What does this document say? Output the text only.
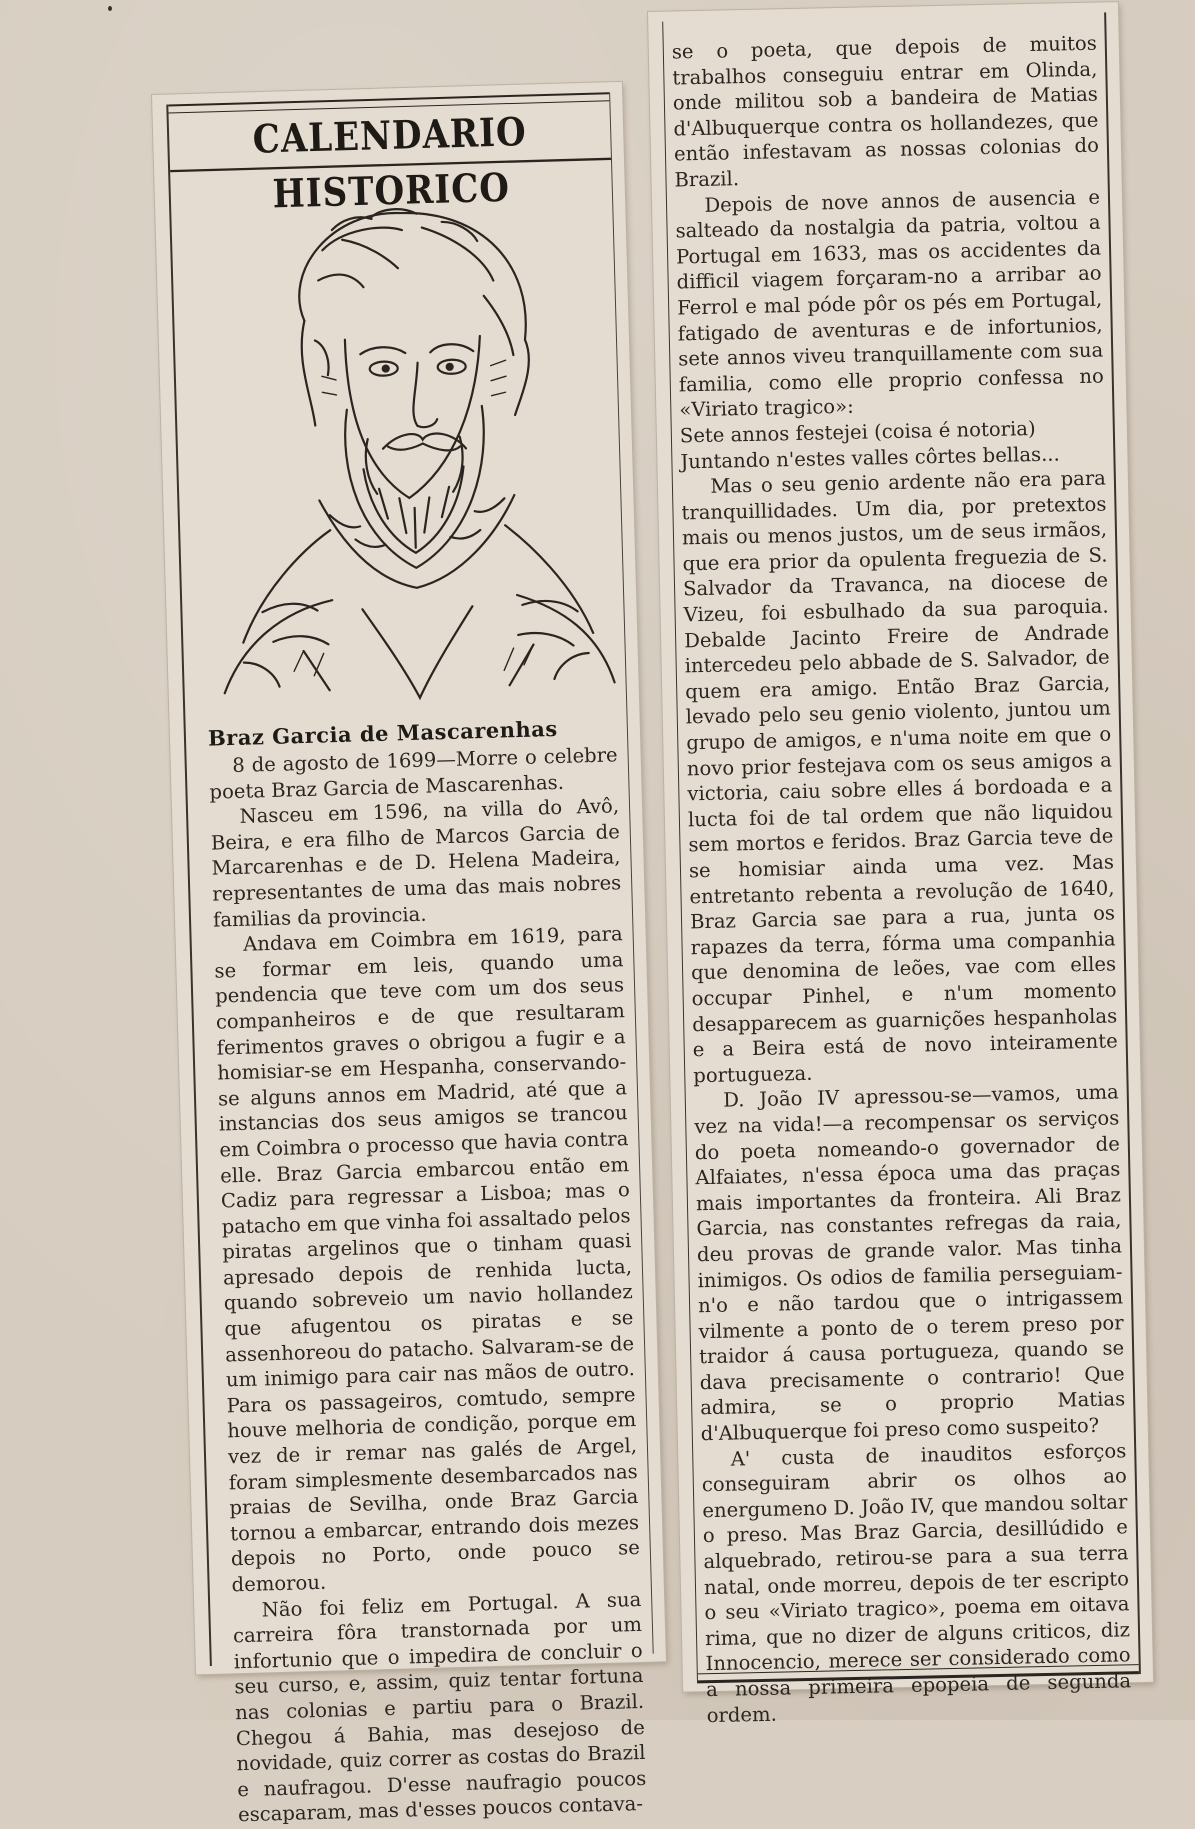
CALENDARIO HISTORICO
Braz Garcia de Mascarenhas

8 de agosto de 1699—Morre o celebre poeta Braz Garcia de Mascarenhas.

Nasceu em 1596, na villa do Avô, Beira, e era filho de Marcos Garcia de Marcarenhas e de D. Helena Madeira, representantes de uma das mais nobres familias da provincia.

Andava em Coimbra em 1619, para se formar em leis, quando uma pendencia que teve com um dos seus companheiros e de que resultaram ferimentos graves o obrigou a fugir e a homisiar-se em Hespanha, conservando-se alguns annos em Madrid, até que a instancias dos seus amigos se trancou em Coimbra o processo que havia contra elle. Braz Garcia embarcou então em Cadiz para regressar a Lisboa; mas o patacho em que vinha foi assaltado pelos piratas argelinos que o tinham quasi apresado depois de renhida lucta, quando sobreveio um navio hollandez que afugentou os piratas e se assenhoreou do patacho. Salvaram-se de um inimigo para cair nas mãos de outro. Para os passageiros, comtudo, sempre houve melhoria de condição, porque em vez de ir remar nas galés de Argel, foram simplesmente desembarcados nas praias de Sevilha, onde Braz Garcia tornou a embarcar, entrando dois mezes depois no Porto, onde pouco se demorou.

Não foi feliz em Portugal. A sua carreira fôra transtornada por um infortunio que o impedira de concluir o seu curso, e, assim, quiz tentar fortuna nas colonias e partiu para o Brazil. Chegou á Bahia, mas desejoso de novidade, quiz correr as costas do Brazil e naufragou. D'esse naufragio poucos escaparam, mas d'esses poucos contava-

se o poeta, que depois de muitos trabalhos conseguiu entrar em Olinda, onde militou sob a bandeira de Matias d'Albuquerque contra os hollandezes, que então infestavam as nossas colonias do Brazil.

Depois de nove annos de ausencia e salteado da nostalgia da patria, voltou a Portugal em 1633, mas os accidentes da difficil viagem forçaram-no a arribar ao Ferrol e mal póde pôr os pés em Portugal, fatigado de aventuras e de infortunios, sete annos viveu tranquillamente com sua familia, como elle proprio confessa no «Viriato tragico»:

Sete annos festejei (coisa é notoria)
Juntando n'estes valles côrtes bellas...

Mas o seu genio ardente não era para tranquillidades. Um dia, por pretextos mais ou menos justos, um de seus irmãos, que era prior da opulenta freguezia de S. Salvador da Travanca, na diocese de Vizeu, foi esbulhado da sua paroquia. Debalde Jacinto Freire de Andrade intercedeu pelo abbade de S. Salvador, de quem era amigo. Então Braz Garcia, levado pelo seu genio violento, juntou um grupo de amigos, e n'uma noite em que o novo prior festejava com os seus amigos a victoria, caiu sobre elles á bordoada e a lucta foi de tal ordem que não liquidou sem mortos e feridos. Braz Garcia teve de se homisiar ainda uma vez. Mas entretanto rebenta a revolução de 1640, Braz Garcia sae para a rua, junta os rapazes da terra, fórma uma companhia que denomina de leões, vae com elles occupar Pinhel, e n'um momento desapparecem as guarnições hespanholas e a Beira está de novo inteiramente portugueza.

D. João IV apressou-se—vamos, uma vez na vida!—a recompensar os serviços do poeta nomeando-o governador de Alfaiates, n'essa época uma das praças mais importantes da fronteira. Ali Braz Garcia, nas constantes refregas da raia, deu provas de grande valor. Mas tinha inimigos. Os odios de familia perseguiam-n'o e não tardou que o intrigassem vilmente a ponto de o terem preso por traidor á causa portugueza, quando se dava precisamente o contrario! Que admira, se o proprio Matias d'Albuquerque foi preso como suspeito?

A' custa de inauditos esforços conseguiram abrir os olhos ao energumeno D. João IV, que mandou soltar o preso. Mas Braz Garcia, desillúdido e alquebrado, retirou-se para a sua terra natal, onde morreu, depois de ter escripto o seu «Viriato tragico», poema em oitava rima, que no dizer de alguns criticos, diz Innocencio, merece ser considerado como a nossa primeira epopeia de segunda ordem.
